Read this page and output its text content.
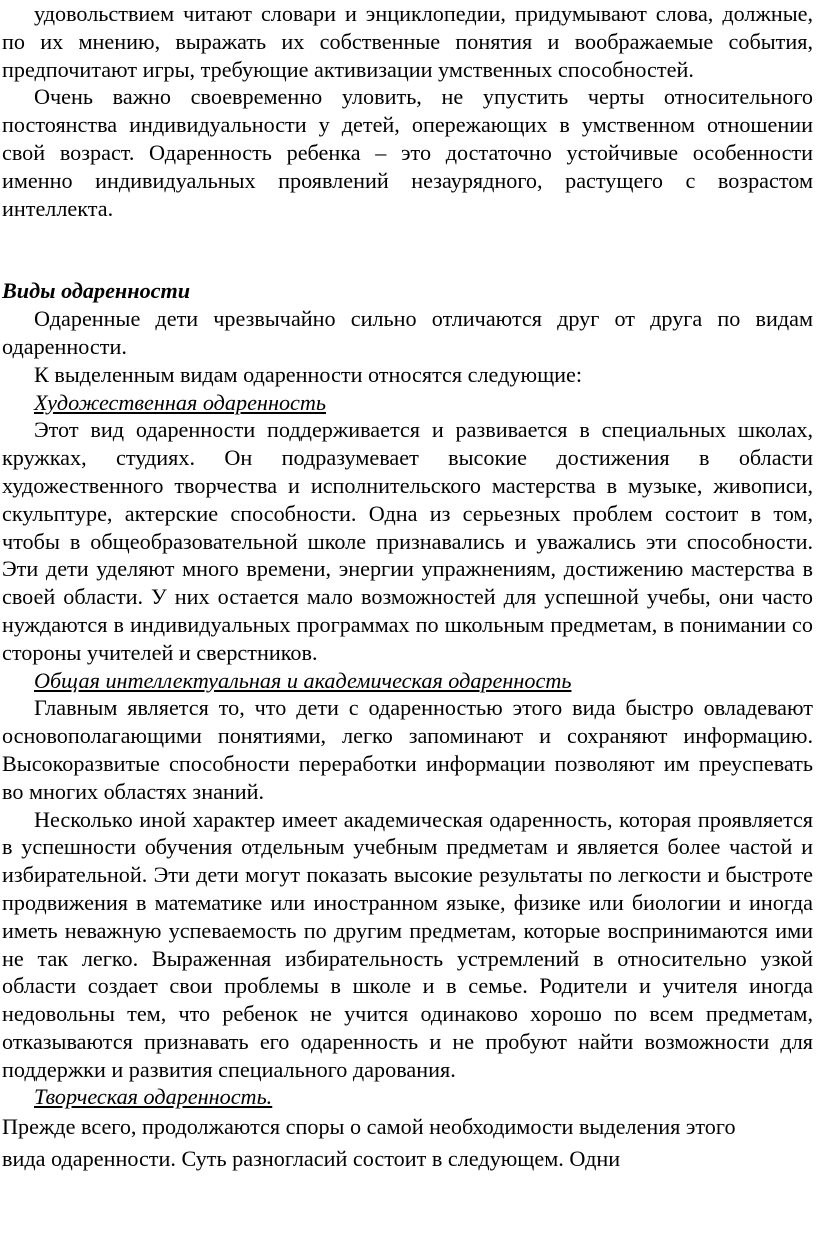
удовольствием читают словари и энциклопедии, придумывают слова, должные, по их мнению, выражать их собственные понятия и воображаемые события, предпочитают игры, требующие активизации умственных способностей.

Очень важно своевременно уловить, не упустить черты относительного постоянства индивидуальности у детей, опережающих в умственном отношении свой возраст. Одаренность ребенка – это достаточно устойчивые особенности именно индивидуальных проявлений незаурядного, растущего с возрастом интеллекта.

Виды одаренности

Одаренные дети чрезвычайно сильно отличаются друг от друга по видам одаренности.

К выделенным видам одаренности относятся следующие:

Художественная одаренность

Этот вид одаренности поддерживается и развивается в специальных школах, кружках, студиях. Он подразумевает высокие достижения в области художественного творчества и исполнительского мастерства в музыке, живописи, скульптуре, актерские способности. Одна из серьезных проблем состоит в том, чтобы в общеобразовательной школе признавались и уважались эти способности. Эти дети уделяют много времени, энергии упражнениям, достижению мастерства в своей области. У них остается мало возможностей для успешной учебы, они часто нуждаются в индивидуальных программах по школьным предметам, в понимании со стороны учителей и сверстников.

Общая интеллектуальная и академическая одаренность

Главным является то, что дети с одаренностью этого вида быстро овладевают основополагающими понятиями, легко запоминают и сохраняют информацию. Высокоразвитые способности переработки информации позволяют им преуспевать во многих областях знаний.

Несколько иной характер имеет академическая одаренность, которая проявляется в успешности обучения отдельным учебным предметам и является более частой и избирательной. Эти дети могут показать высокие результаты по легкости и быстроте продвижения в математике или иностранном языке, физике или биологии и иногда иметь неважную успеваемость по другим предметам, которые воспринимаются ими не так легко. Выраженная избирательность устремлений в относительно узкой области создает свои проблемы в школе и в семье. Родители и учителя иногда недовольны тем, что ребенок не учится одинаково хорошо по всем предметам, отказываются признавать его одаренность и не пробуют найти возможности для поддержки и развития специального дарования.

Творческая одаренность.

Прежде всего, продолжаются споры о самой необходимости выделения этого
вида одаренности. Суть разногласий состоит в следующем. Одни
